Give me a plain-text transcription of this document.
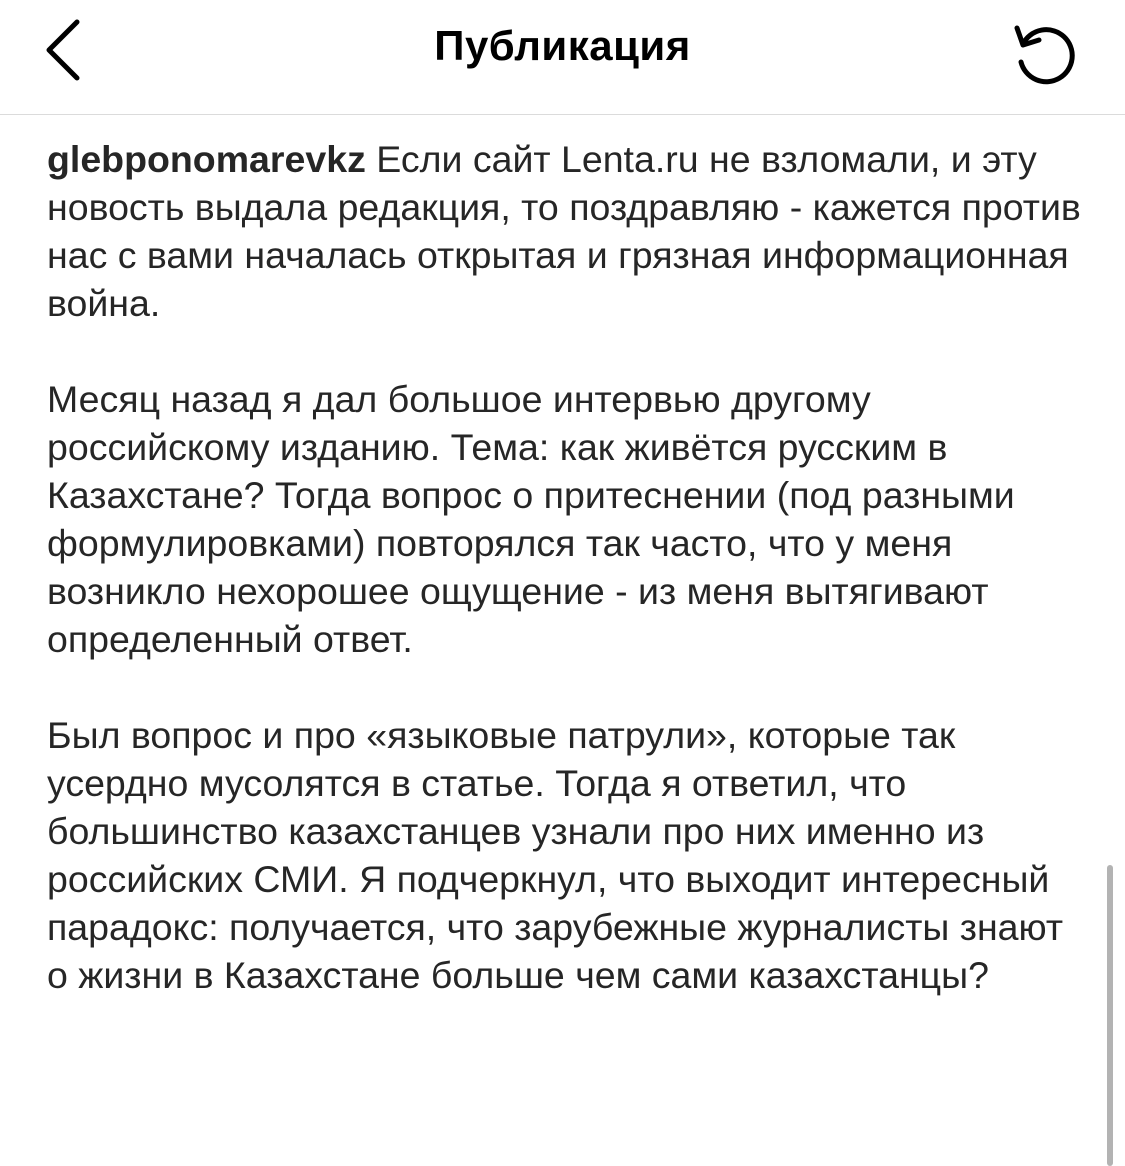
Публикация

glebponomarevkz Если сайт Lenta.ru не взломали, и эту новость выдала редакция, то поздравляю - кажется против нас с вами началась открытая и грязная информационная война.

Месяц назад я дал большое интервью другому российскому изданию. Тема: как живётся русским в Казахстане? Тогда вопрос о притеснении (под разными формулировками) повторялся так часто, что у меня возникло нехорошее ощущение - из меня вытягивают определенный ответ.

Был вопрос и про «языковые патрули», которые так усердно мусолятся в статье. Тогда я ответил, что большинство казахстанцев узнали про них именно из российских СМИ. Я подчеркнул, что выходит интересный парадокс: получается, что зарубежные журналисты знают о жизни в Казахстане больше чем сами казахстанцы?
